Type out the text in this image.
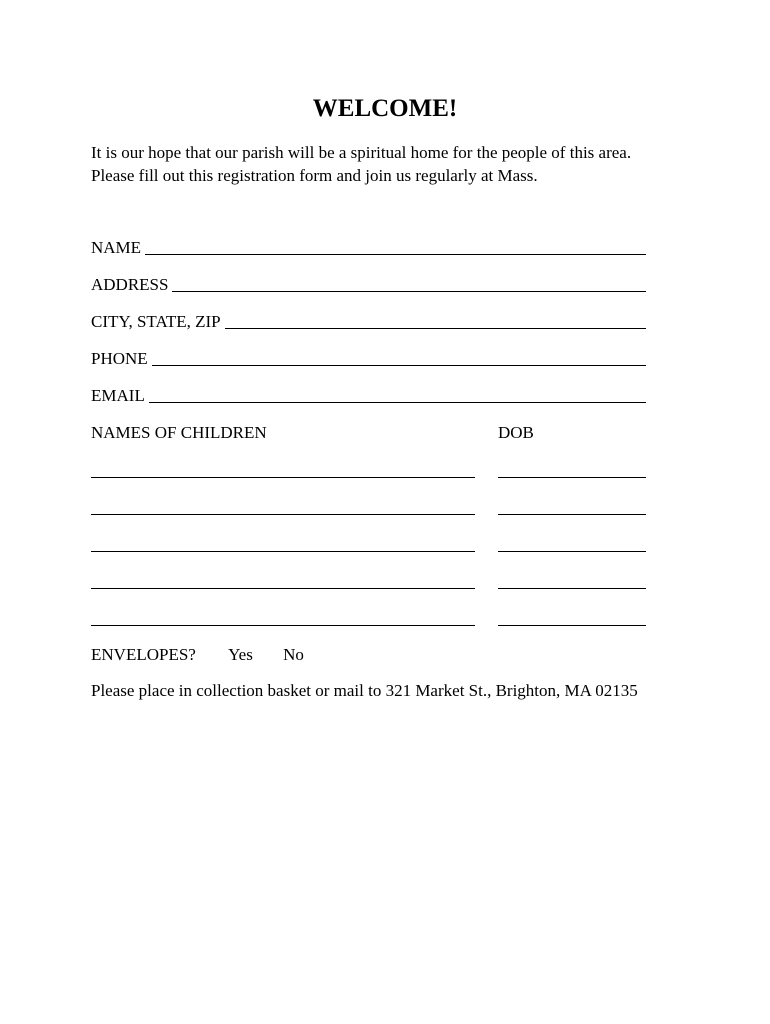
WELCOME!
It is our hope that our parish will be a spiritual home for the people of this area.
Please fill out this registration form and join us regularly at Mass.
NAME
ADDRESS
CITY, STATE, ZIP
PHONE
EMAIL
NAMES OF CHILDREN	DOB
ENVELOPES? Yes No
Please place in collection basket or mail to 321 Market St., Brighton, MA 02135
